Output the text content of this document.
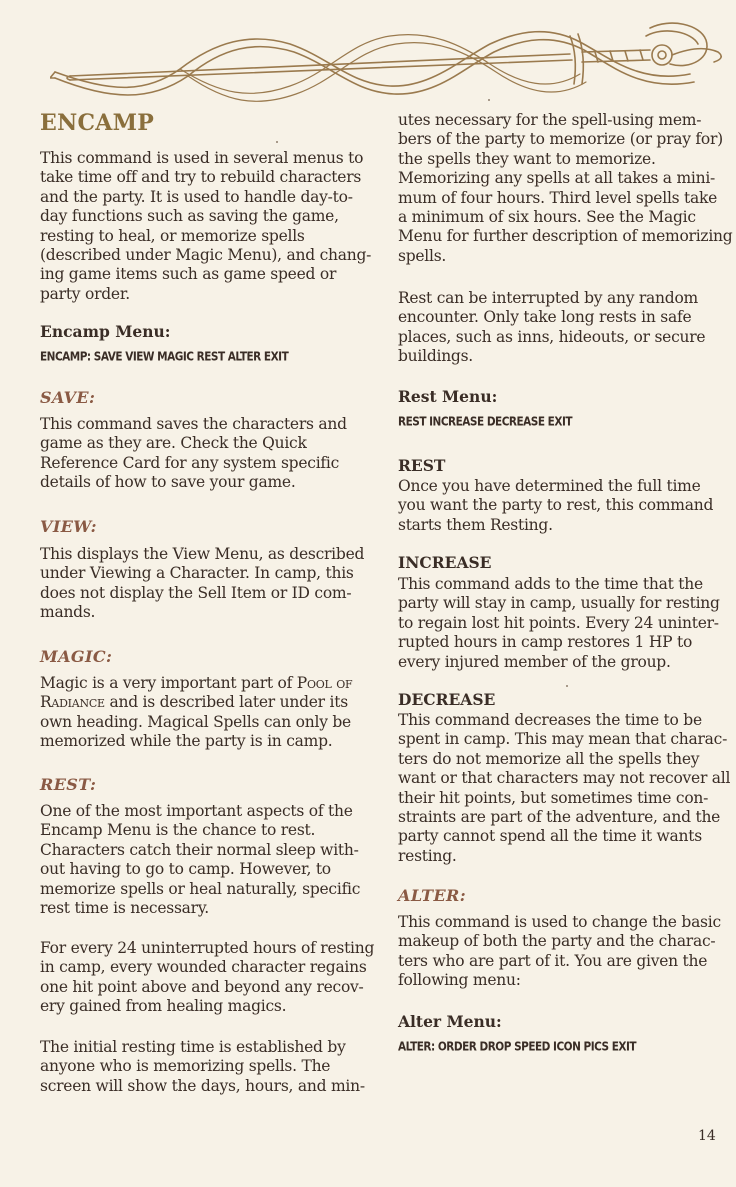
ENCAMP

This command is used in several menus to
take time off and try to rebuild characters
and the party. It is used to handle day-to-
day functions such as saving the game,
resting to heal, or memorize spells
(described under Magic Menu), and chang-
ing game items such as game speed or
party order.

Encamp Menu:

ENCAMP: SAVE VIEW MAGIC REST ALTER EXIT

SAVE:

This command saves the characters and
game as they are. Check the Quick
Reference Card for any system specific
details of how to save your game.

VIEW:

This displays the View Menu, as described
under Viewing a Character. In camp, this
does not display the Sell Item or ID com-
mands.

MAGIC:

Magic is a very important part of Pool of
Radiance and is described later under its
own heading. Magical Spells can only be
memorized while the party is in camp.

REST:

One of the most important aspects of the
Encamp Menu is the chance to rest.
Characters catch their normal sleep with-
out having to go to camp. However, to
memorize spells or heal naturally, specific
rest time is necessary.

For every 24 uninterrupted hours of resting
in camp, every wounded character regains
one hit point above and beyond any recov-
ery gained from healing magics.

The initial resting time is established by
anyone who is memorizing spells. The
screen will show the days, hours, and min-

utes necessary for the spell-using mem-
bers of the party to memorize (or pray for)
the spells they want to memorize.
Memorizing any spells at all takes a mini-
mum of four hours. Third level spells take
a minimum of six hours. See the Magic
Menu for further description of memorizing
spells.

Rest can be interrupted by any random
encounter. Only take long rests in safe
places, such as inns, hideouts, or secure
buildings.

Rest Menu:

REST INCREASE DECREASE EXIT

REST

Once you have determined the full time
you want the party to rest, this command
starts them Resting.

INCREASE

This command adds to the time that the
party will stay in camp, usually for resting
to regain lost hit points. Every 24 uninter-
rupted hours in camp restores 1 HP to
every injured member of the group.

DECREASE

This command decreases the time to be
spent in camp. This may mean that charac-
ters do not memorize all the spells they
want or that characters may not recover all
their hit points, but sometimes time con-
straints are part of the adventure, and the
party cannot spend all the time it wants
resting.

ALTER:

This command is used to change the basic
makeup of both the party and the charac-
ters who are part of it. You are given the
following menu:

Alter Menu:

ALTER: ORDER DROP SPEED ICON PICS EXIT

14
